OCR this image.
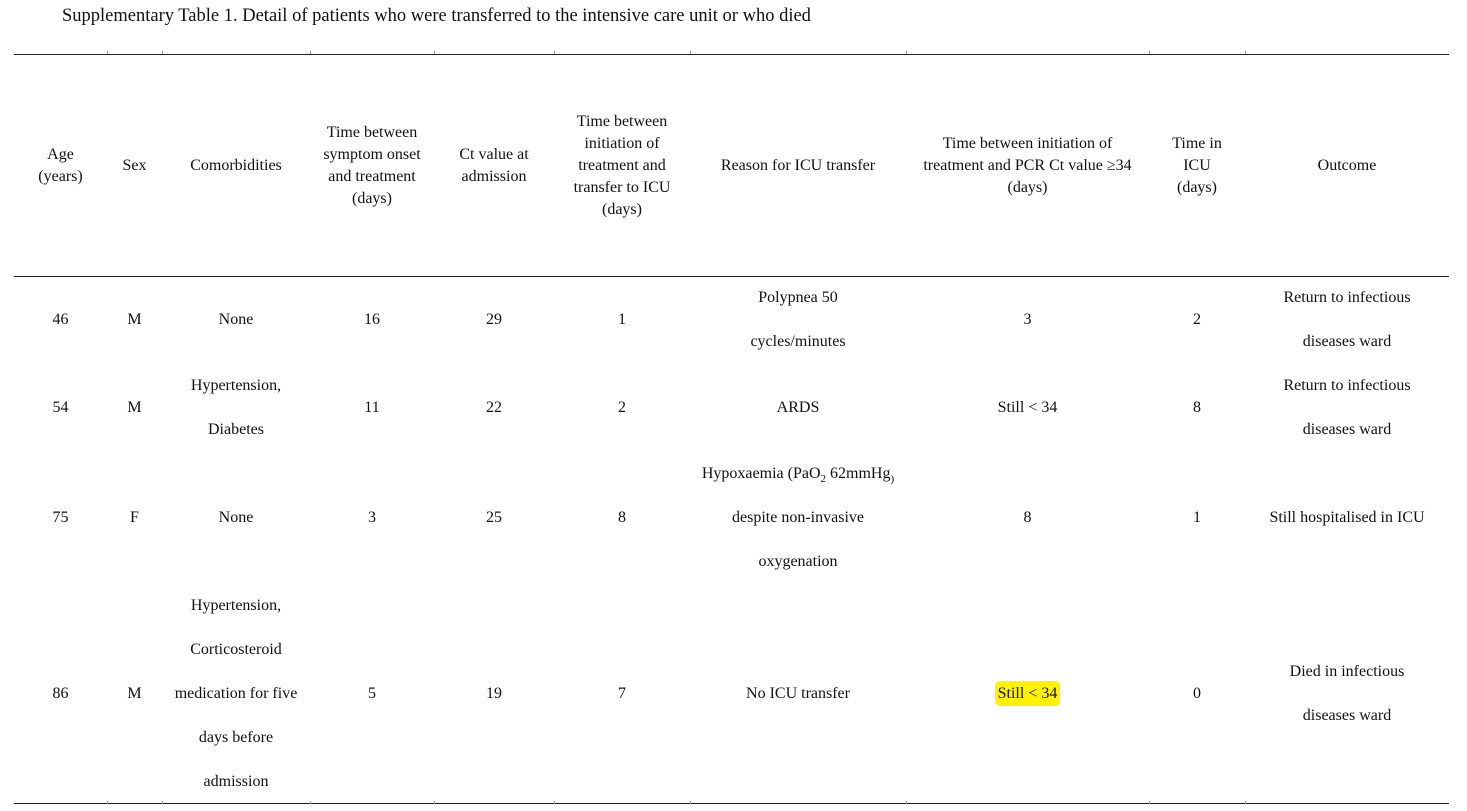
Supplementary Table 1. Detail of patients who were transferred to the intensive care unit or who died
Age (years)	Sex	Comorbidities	Time between symptom onset and treatment (days)	Ct value at admission	Time between initiation of treatment and transfer to ICU (days)	Reason for ICU transfer	Time between initiation of treatment and PCR Ct value ≥34 (days)	Time in ICU (days)	Outcome
46	M	None	16	29	1	Polypnea 50 cycles/minutes	3	2	Return to infectious diseases ward
54	M	Hypertension, Diabetes	11	22	2	ARDS	Still < 34	8	Return to infectious diseases ward
75	F	None	3	25	8	Hypoxaemia (PaO$_2$ 62mmHg$_)$ despite non-invasive oxygenation	8	1	Still hospitalised in ICU
86	M	Hypertension, Corticosteroid medication for five days before admission	5	19	7	No ICU transfer	Still < 34	0	Died in infectious diseases ward
